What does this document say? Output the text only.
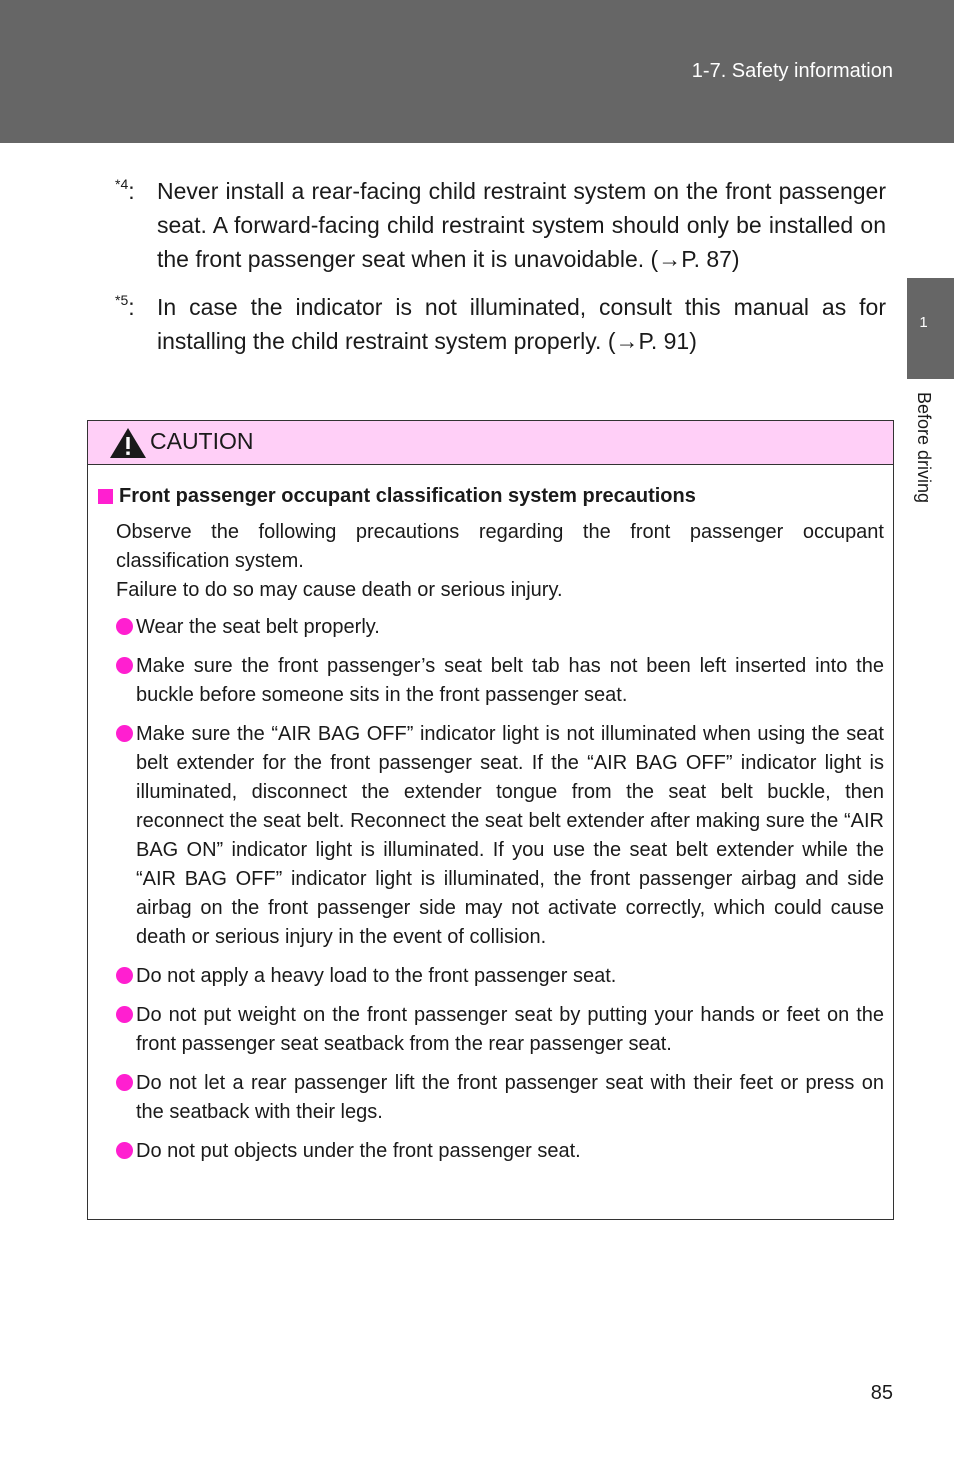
1-7. Safety information
1
Before driving
$^{*4}$: Never install a rear-facing child restraint system on the front passenger seat. A forward-facing child restraint system should only be installed on the front passenger seat when it is unavoidable. (→P. 87)
$^{*5}$: In case the indicator is not illuminated, consult this manual as for installing the child restraint system properly. (→P. 91)
CAUTION
Front passenger occupant classification system precautions
Observe the following precautions regarding the front passenger occupant classification system.
Failure to do so may cause death or serious injury.
Wear the seat belt properly.
Make sure the front passenger’s seat belt tab has not been left inserted into the buckle before someone sits in the front passenger seat.
Make sure the “AIR BAG OFF” indicator light is not illuminated when using the seat belt extender for the front passenger seat. If the “AIR BAG OFF” indicator light is illuminated, disconnect the extender tongue from the seat belt buckle, then reconnect the seat belt. Reconnect the seat belt extender after making sure the “AIR BAG ON” indicator light is illuminated. If you use the seat belt extender while the “AIR BAG OFF” indicator light is illuminated, the front passenger airbag and side airbag on the front passenger side may not activate correctly, which could cause death or serious injury in the event of collision.
Do not apply a heavy load to the front passenger seat.
Do not put weight on the front passenger seat by putting your hands or feet on the front passenger seat seatback from the rear passenger seat.
Do not let a rear passenger lift the front passenger seat with their feet or press on the seatback with their legs.
Do not put objects under the front passenger seat.
85
